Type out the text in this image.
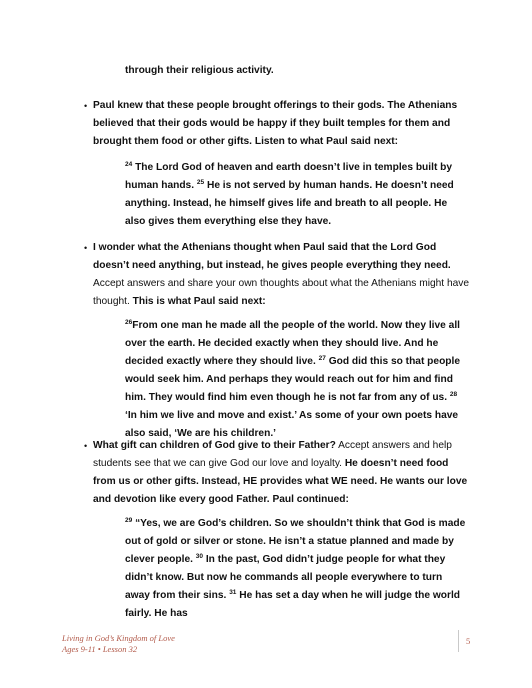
through their religious activity.
• Paul knew that these people brought offerings to their gods. The Athenians believed that their gods would be happy if they built temples for them and brought them food or other gifts. Listen to what Paul said next:
$^{24}$ The Lord God of heaven and earth doesn’t live in temples built by human hands. $^{25}$ He is not served by human hands. He doesn’t need anything. Instead, he himself gives life and breath to all people. He also gives them everything else they have.
• I wonder what the Athenians thought when Paul said that the Lord God doesn’t need anything, but instead, he gives people everything they need. Accept answers and share your own thoughts about what the Athenians might have thought. This is what Paul said next:
$^{26}$From one man he made all the people of the world. Now they live all over the earth. He decided exactly when they should live. And he decided exactly where they should live. $^{27}$ God did this so that people would seek him. And perhaps they would reach out for him and find him. They would find him even though he is not far from any of us. $^{28}$ ‘In him we live and move and exist.’ As some of your own poets have also said, ‘We are his children.’
• What gift can children of God give to their Father? Accept answers and help students see that we can give God our love and loyalty. He doesn’t need food from us or other gifts. Instead, HE provides what WE need. He wants our love and devotion like every good Father. Paul continued:
$^{29}$ “Yes, we are God’s children. So we shouldn’t think that God is made out of gold or silver or stone. He isn’t a statue planned and made by clever people. $^{30}$ In the past, God didn’t judge people for what they didn’t know. But now he commands all people everywhere to turn away from their sins. $^{31}$ He has set a day when he will judge the world fairly. He has
Living in God’s Kingdom of Love
Ages 9-11 • Lesson 32
5
